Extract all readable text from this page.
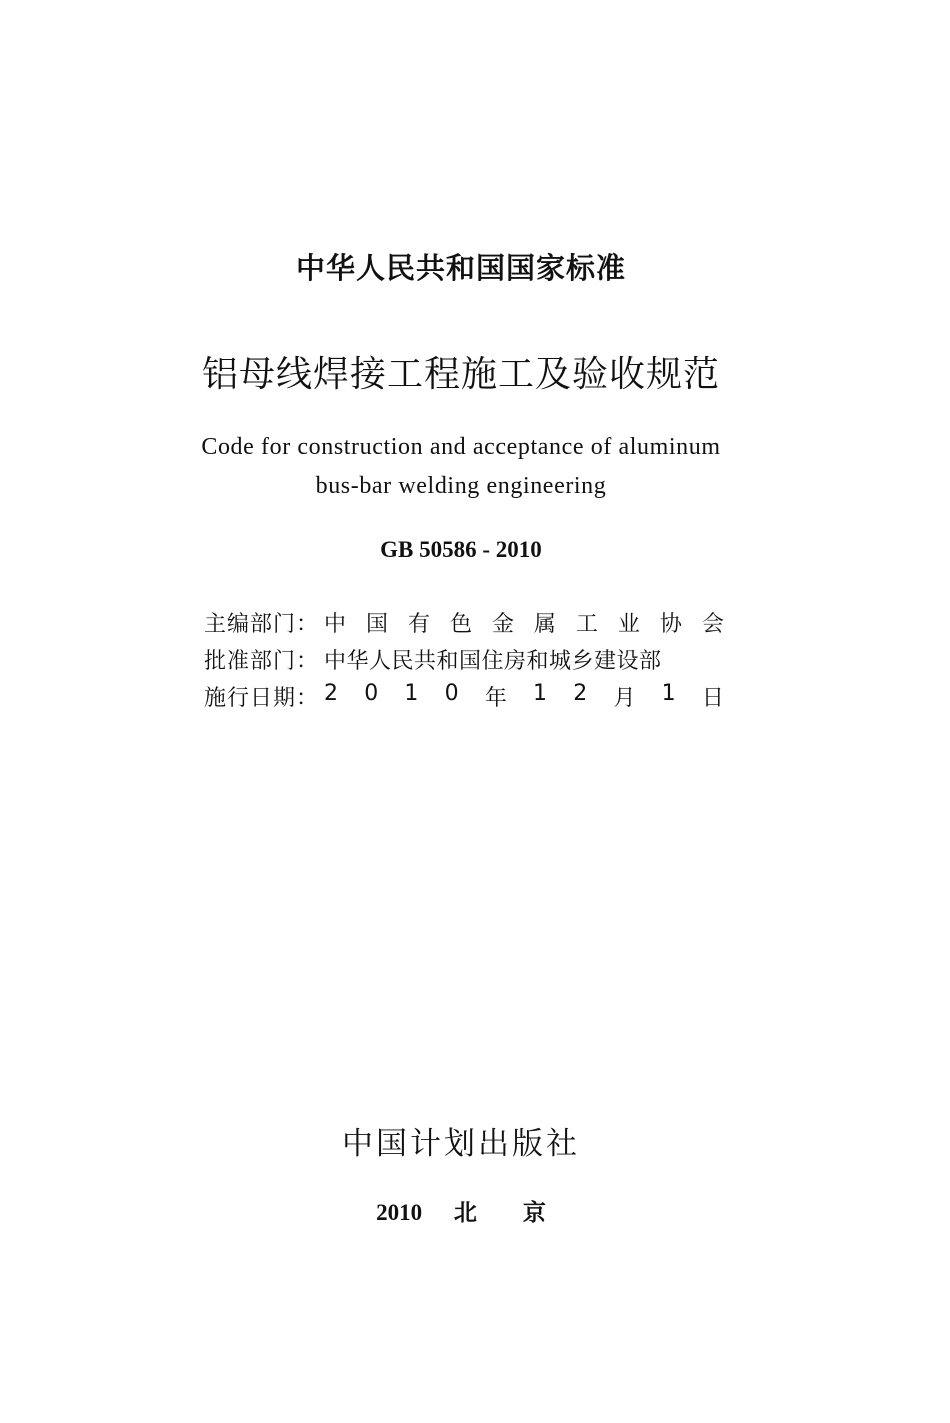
中华人民共和国国家标准
铝母线焊接工程施工及验收规范
Code for construction and acceptance of aluminum
bus-bar welding engineering
GB 50586 - 2010
主编部门： 中 国 有 色 金 属 工 业 协 会
批准部门： 中华人民共和国住房和城乡建设部
施行日期： 2 0 1 0 年 1 2 月 1 日
中国计划出版社
2010 北京
